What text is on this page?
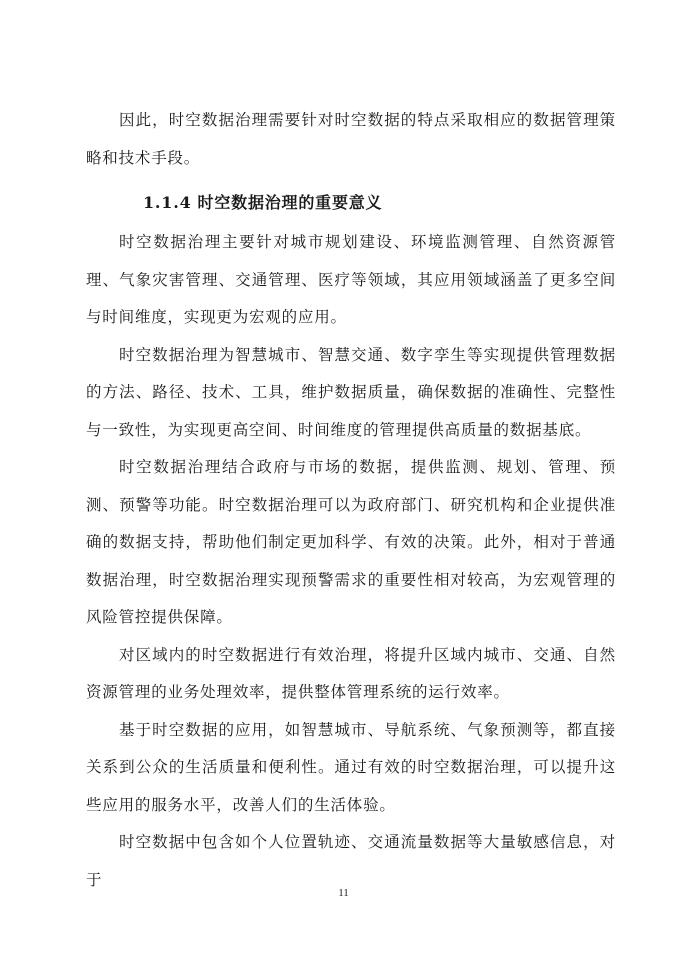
因此，时空数据治理需要针对时空数据的特点采取相应的数据管理策略和技术手段。

1.1.4 时空数据治理的重要意义

时空数据治理主要针对城市规划建设、环境监测管理、自然资源管理、气象灾害管理、交通管理、医疗等领域，其应用领域涵盖了更多空间与时间维度，实现更为宏观的应用。

时空数据治理为智慧城市、智慧交通、数字孪生等实现提供管理数据的方法、路径、技术、工具，维护数据质量，确保数据的准确性、完整性与一致性，为实现更高空间、时间维度的管理提供高质量的数据基底。

时空数据治理结合政府与市场的数据，提供监测、规划、管理、预测、预警等功能。时空数据治理可以为政府部门、研究机构和企业提供准确的数据支持，帮助他们制定更加科学、有效的决策。此外，相对于普通数据治理，时空数据治理实现预警需求的重要性相对较高，为宏观管理的风险管控提供保障。

对区域内的时空数据进行有效治理，将提升区域内城市、交通、自然资源管理的业务处理效率，提供整体管理系统的运行效率。

基于时空数据的应用，如智慧城市、导航系统、气象预测等，都直接关系到公众的生活质量和便利性。通过有效的时空数据治理，可以提升这些应用的服务水平，改善人们的生活体验。

时空数据中包含如个人位置轨迹、交通流量数据等大量敏感信息，对于

11
